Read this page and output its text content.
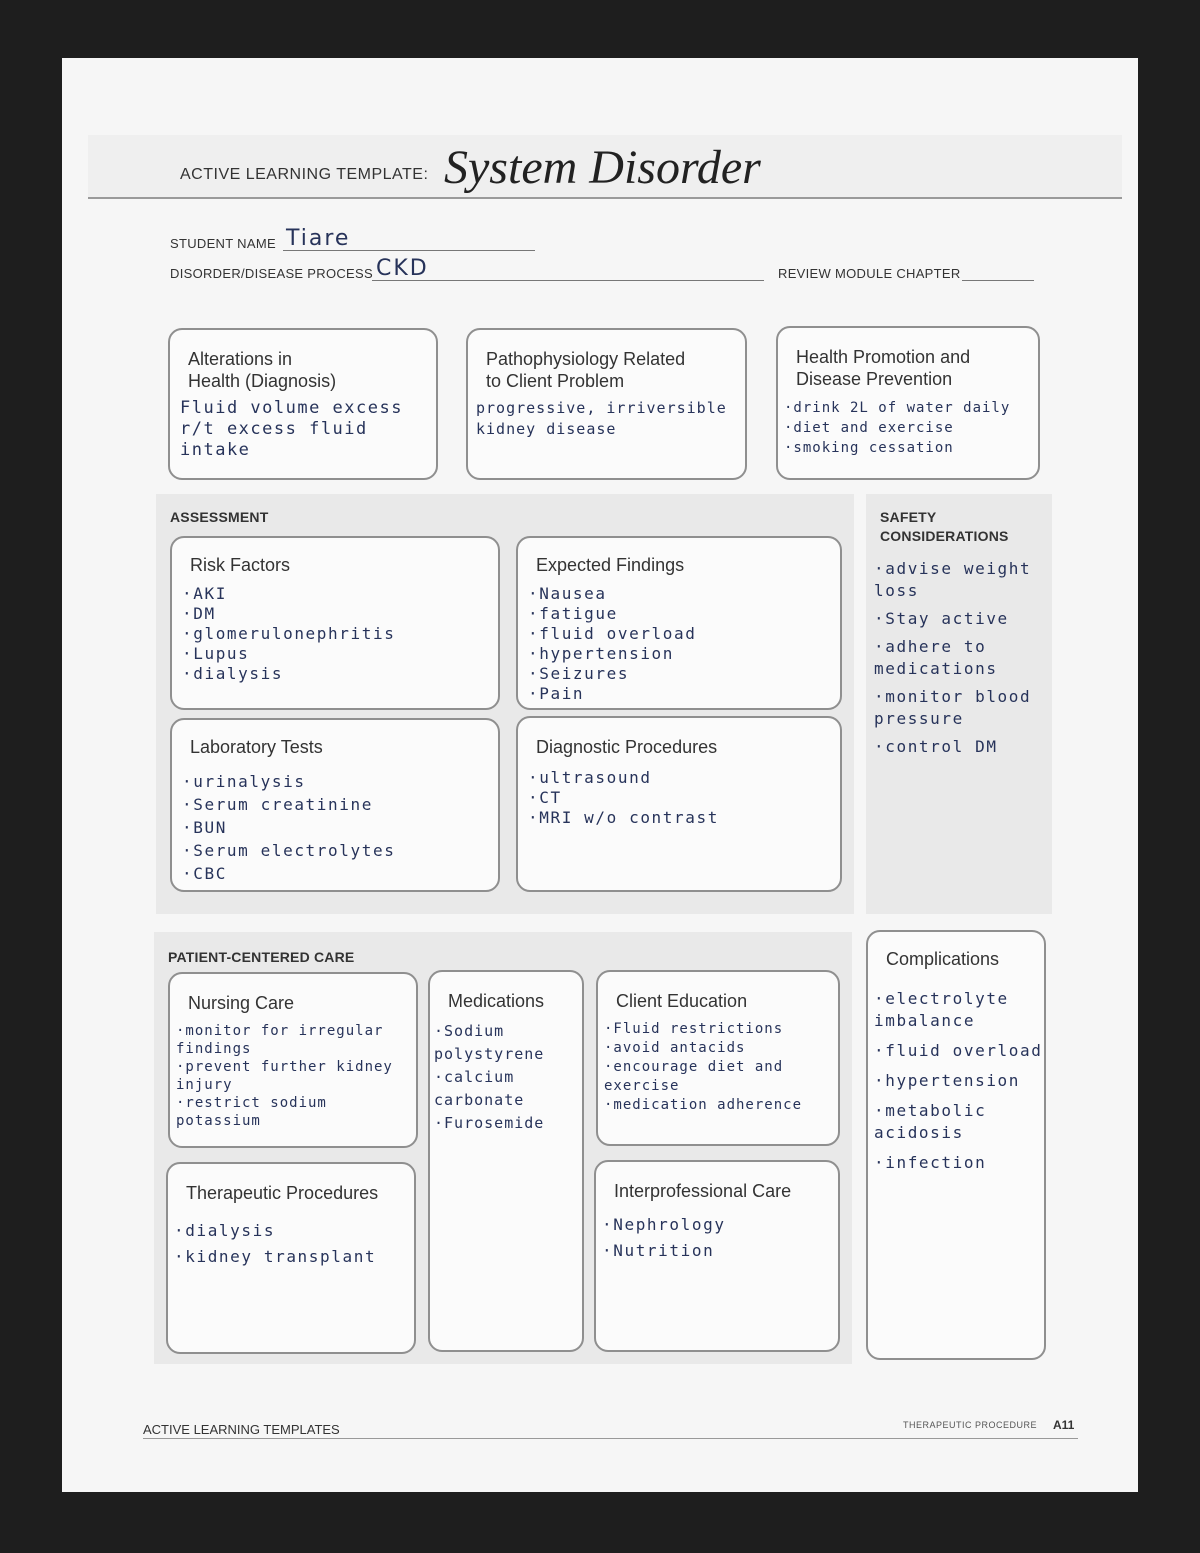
ACTIVE LEARNING TEMPLATE: System Disorder
STUDENT NAME Tiare
DISORDER/DISEASE PROCESS CKD	REVIEW MODULE CHAPTER
Alterations in
Health (Diagnosis)
Fluid volume excess
r/t excess fluid
intake
Pathophysiology Related
to Client Problem
progressive, irriversible
kidney disease
Health Promotion and
Disease Prevention
·drink 2L of water daily
·diet and exercise
·smoking cessation
ASSESSMENT
Risk Factors
·AKI
·DM
·glomerulonephritis
·Lupus
·dialysis
Expected Findings
·Nausea
·fatigue
·fluid overload
·hypertension
·Seizures
·Pain
Laboratory Tests
·urinalysis
·Serum creatinine
·BUN
·Serum electrolytes
·CBC
Diagnostic Procedures
·ultrasound
·CT
·MRI w/o contrast
SAFETY
CONSIDERATIONS
·advise weight loss
·Stay active
·adhere to medications
·monitor blood pressure
·control DM
PATIENT-CENTERED CARE
Nursing Care
·monitor for irregular findings
·prevent further kidney injury
·restrict sodium potassium
Medications
·Sodium polystyrene
·calcium carbonate
·Furosemide
Client Education
·Fluid restrictions
·avoid antacids
·encourage diet and exercise
·medication adherence
Therapeutic Procedures
·dialysis
·kidney transplant
Interprofessional Care
·Nephrology
·Nutrition
Complications
·electrolyte imbalance
·fluid overload
·hypertension
·metabolic acidosis
·infection
ACTIVE LEARNING TEMPLATES	THERAPEUTIC PROCEDURE A11
